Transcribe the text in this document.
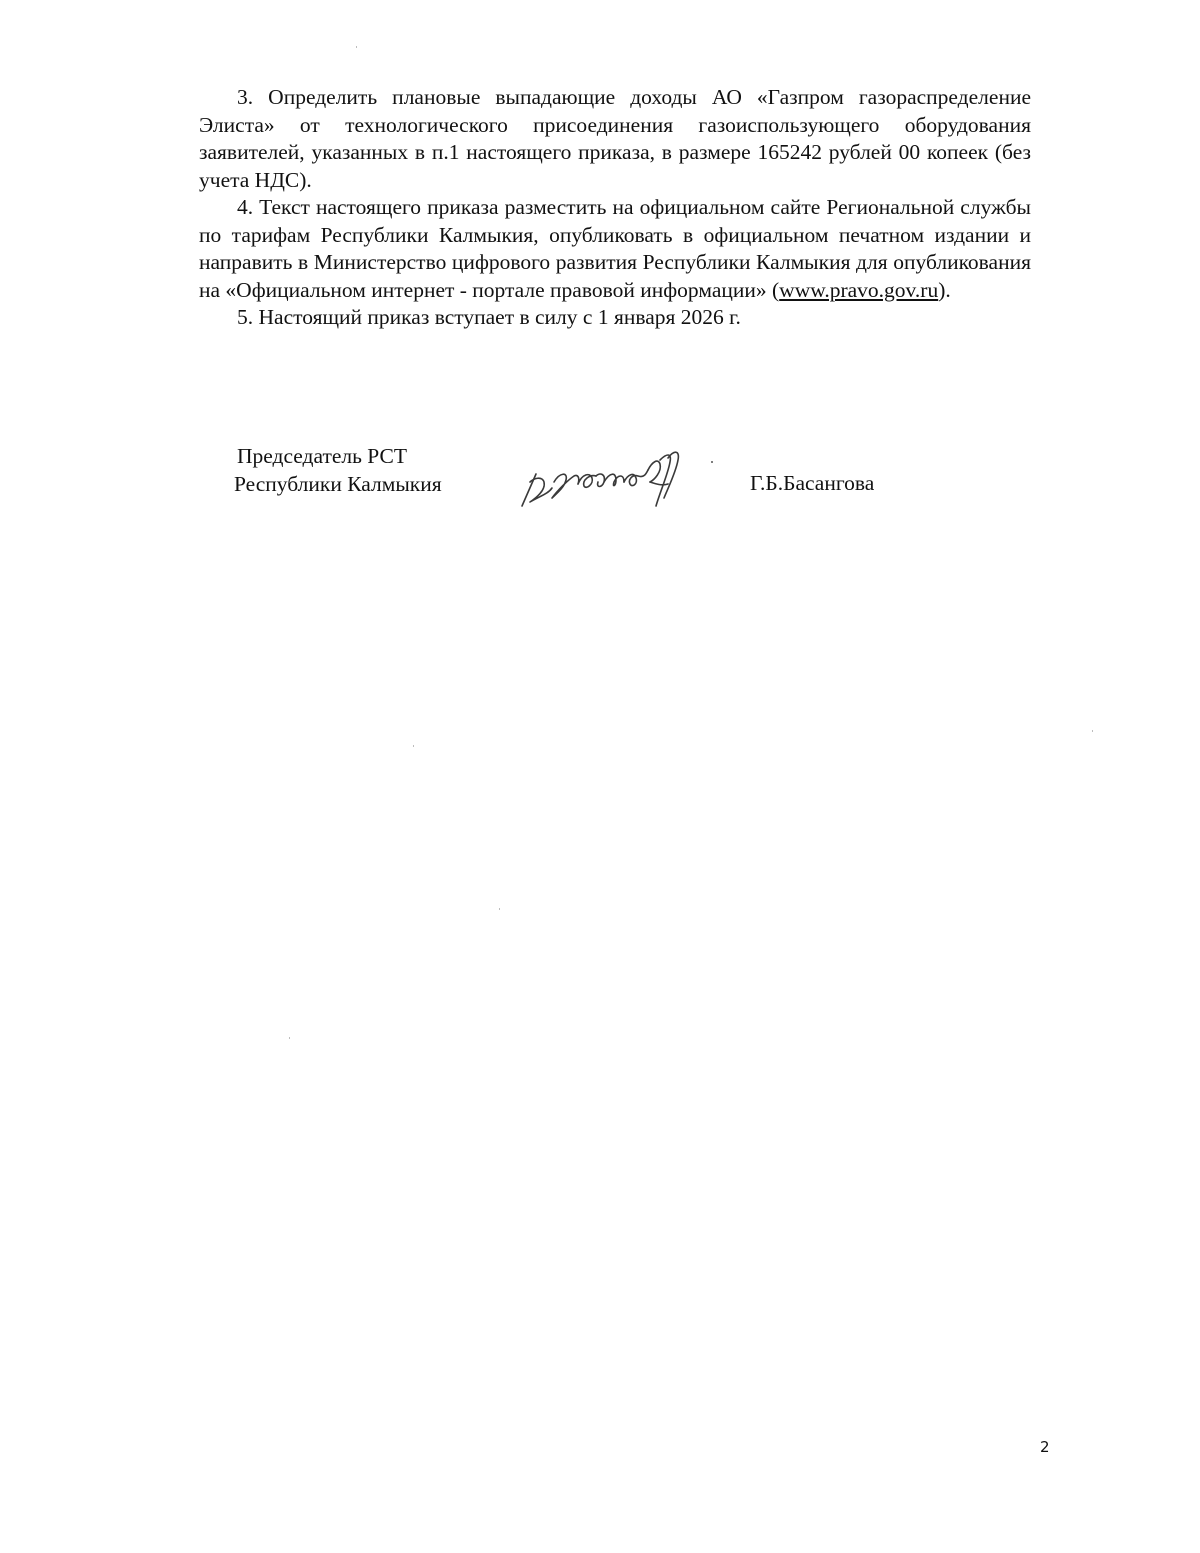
3. Определить плановые выпадающие доходы АО «Газпром газораспределение Элиста» от технологического присоединения газоиспользующего оборудования заявителей, указанных в п.1 настоящего приказа, в размере 165242 рублей 00 копеек (без учета НДС).

4. Текст настоящего приказа разместить на официальном сайте Региональной службы по тарифам Республики Калмыкия, опубликовать в официальном печатном издании и направить в Министерство цифрового развития Республики Калмыкия для опубликования на «Официальном интернет - портале правовой информации» (www.pravo.gov.ru).

5. Настоящий приказ вступает в силу с 1 января 2026 г.

Председатель РСТ
Республики Калмыкия	Г.Б.Басангова
2
